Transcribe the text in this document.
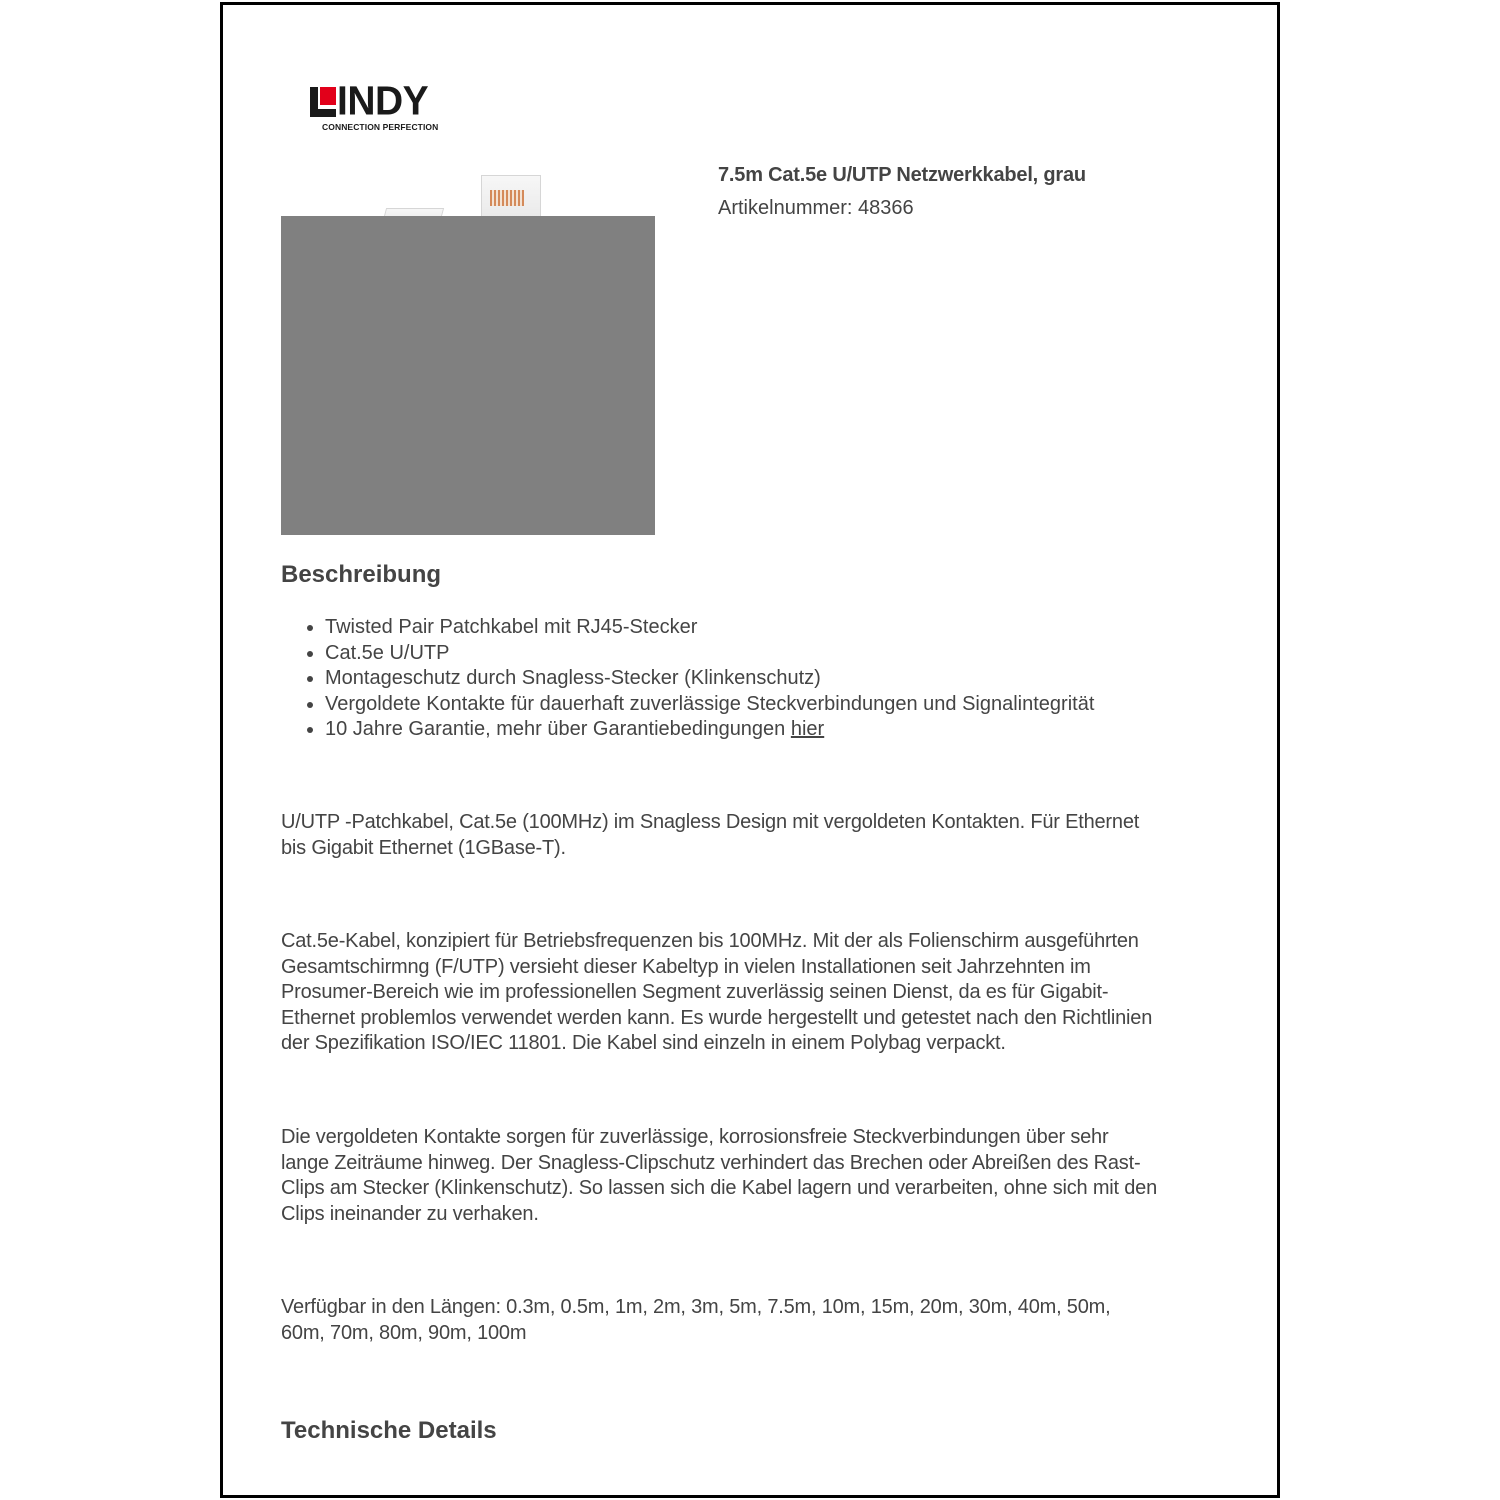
INDY
CONNECTION PERFECTION
7.5m Cat.5e U/UTP Netzwerkkabel, grau
Artikelnummer: 48366
Beschreibung
• Twisted Pair Patchkabel mit RJ45-Stecker
• Cat.5e U/UTP
• Montageschutz durch Snagless-Stecker (Klinkenschutz)
• Vergoldete Kontakte für dauerhaft zuverlässige Steckverbindungen und Signalintegrität
• 10 Jahre Garantie, mehr über Garantiebedingungen hier

U/UTP -Patchkabel, Cat.5e (100MHz) im Snagless Design mit vergoldeten Kontakten. Für Ethernet
bis Gigabit Ethernet (1GBase-T).

Cat.5e-Kabel, konzipiert für Betriebsfrequenzen bis 100MHz. Mit der als Folienschirm ausgeführten
Gesamtschirmng (F/UTP) versieht dieser Kabeltyp in vielen Installationen seit Jahrzehnten im
Prosumer-Bereich wie im professionellen Segment zuverlässig seinen Dienst, da es für Gigabit-
Ethernet problemlos verwendet werden kann. Es wurde hergestellt und getestet nach den Richtlinien
der Spezifikation ISO/IEC 11801. Die Kabel sind einzeln in einem Polybag verpackt.

Die vergoldeten Kontakte sorgen für zuverlässige, korrosionsfreie Steckverbindungen über sehr
lange Zeiträume hinweg. Der Snagless-Clipschutz verhindert das Brechen oder Abreißen des Rast-
Clips am Stecker (Klinkenschutz). So lassen sich die Kabel lagern und verarbeiten, ohne sich mit den
Clips ineinander zu verhaken.

Verfügbar in den Längen: 0.3m, 0.5m, 1m, 2m, 3m, 5m, 7.5m, 10m, 15m, 20m, 30m, 40m, 50m,
60m, 70m, 80m, 90m, 100m

Technische Details
